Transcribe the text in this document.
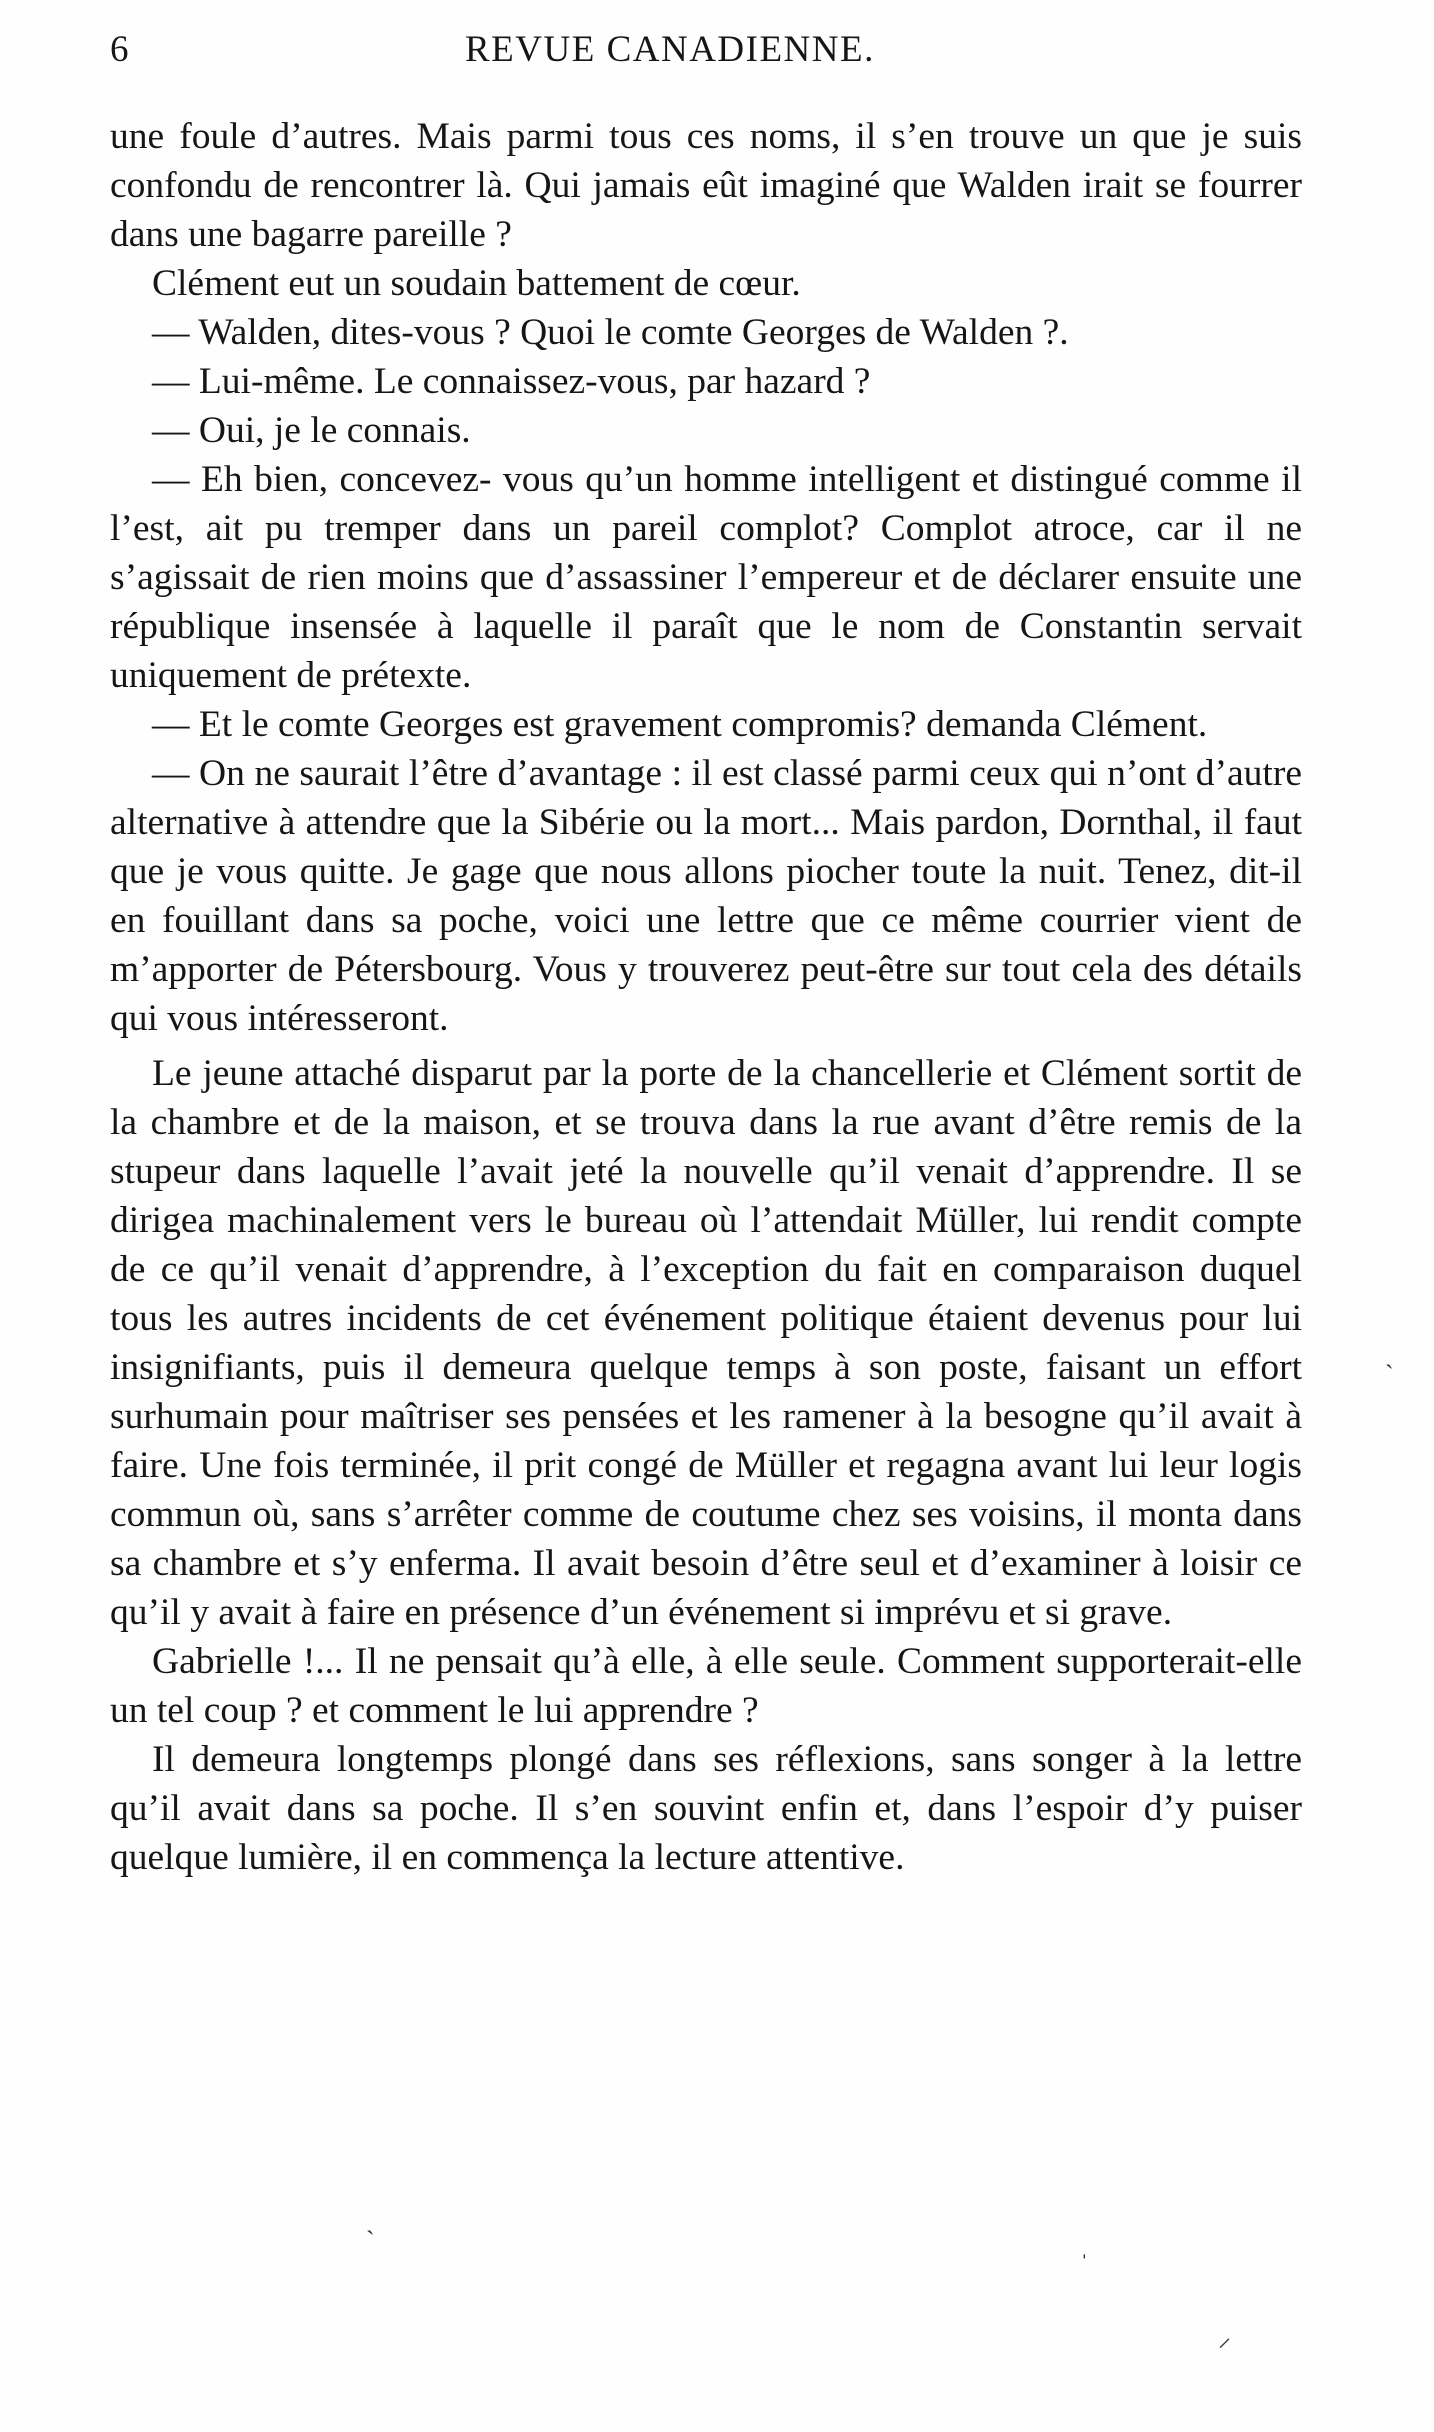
6	REVUE CANADIENNE.

une foule d’autres. Mais parmi tous ces noms, il s’en trouve un que je suis confondu de rencontrer là. Qui jamais eût imaginé que Walden irait se fourrer dans une bagarre pareille ?

Clément eut un soudain battement de cœur.

— Walden, dites-vous ? Quoi le comte Georges de Walden ?.

— Lui-même. Le connaissez-vous, par hazard ?

— Oui, je le connais.

— Eh bien, concevez- vous qu’un homme intelligent et distingué comme il l’est, ait pu tremper dans un pareil complot? Complot atroce, car il ne s’agissait de rien moins que d’assassiner l’empereur et de déclarer ensuite une république insensée à laquelle il paraît que le nom de Constantin servait uniquement de prétexte.

— Et le comte Georges est gravement compromis? demanda Clément.

— On ne saurait l’être d’avantage : il est classé parmi ceux qui n’ont d’autre alternative à attendre que la Sibérie ou la mort... Mais pardon, Dornthal, il faut que je vous quitte. Je gage que nous allons piocher toute la nuit. Tenez, dit-il en fouillant dans sa poche, voici une lettre que ce même courrier vient de m’apporter de Pétersbourg. Vous y trouverez peut-être sur tout cela des détails qui vous intéresseront.

Le jeune attaché disparut par la porte de la chancellerie et Clément sortit de la chambre et de la maison, et se trouva dans la rue avant d’être remis de la stupeur dans laquelle l’avait jeté la nouvelle qu’il venait d’apprendre. Il se dirigea machinalement vers le bureau où l’attendait Müller, lui rendit compte de ce qu’il venait d’apprendre, à l’exception du fait en comparaison duquel tous les autres incidents de cet événement politique étaient devenus pour lui insignifiants, puis il demeura quelque temps à son poste, faisant un effort surhumain pour maîtriser ses pensées et les ramener à la besogne qu’il avait à faire. Une fois terminée, il prit congé de Müller et regagna avant lui leur logis commun où, sans s’arrêter comme de coutume chez ses voisins, il monta dans sa chambre et s’y enferma. Il avait besoin d’être seul et d’examiner à loisir ce qu’il y avait à faire en présence d’un événement si imprévu et si grave.

Gabrielle !... Il ne pensait qu’à elle, à elle seule. Comment supporterait-elle un tel coup ? et comment le lui apprendre ?

Il demeura longtemps plongé dans ses réflexions, sans songer à la lettre qu’il avait dans sa poche. Il s’en souvint enfin et, dans l’espoir d’y puiser quelque lumière, il en commença la lecture attentive.

ˎ
ˈ
⸝
ˏ
